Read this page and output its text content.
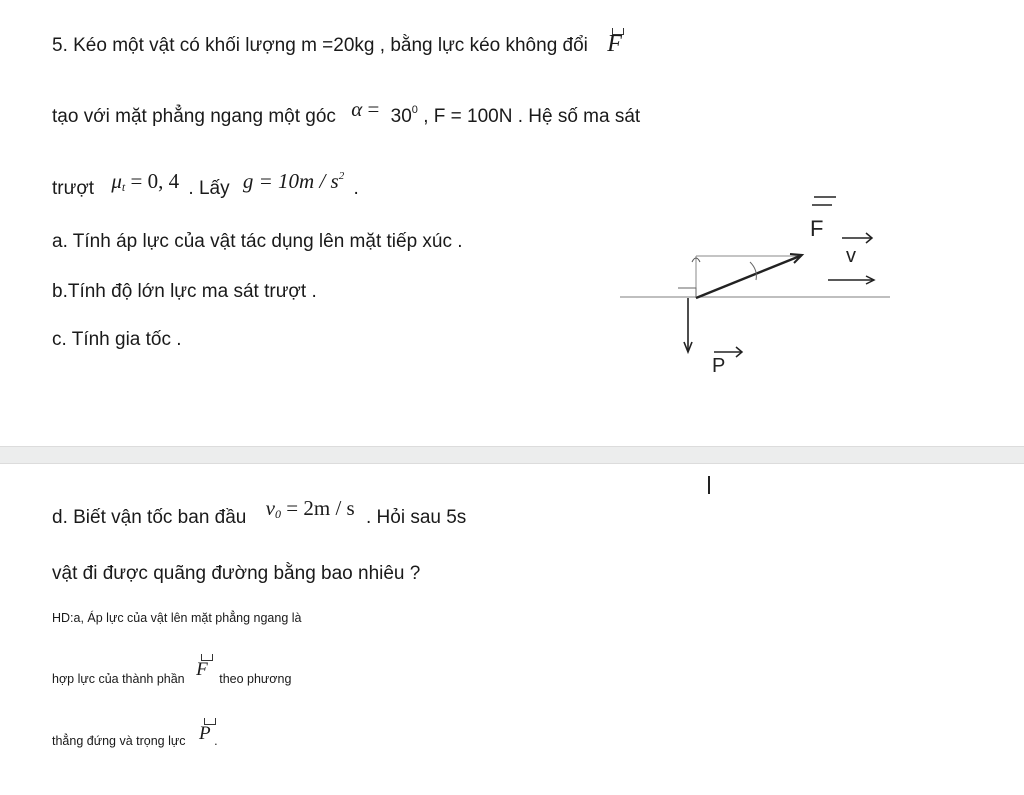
5. Kéo một vật có khối lượng m =20kg , bằng lực kéo không đổi F
tạo với mặt phẳng ngang một góc $\alpha = 30^0$ , F = 100N . Hệ số ma sát
trượt $\mu_t = 0$, 4 . Lấy $g = 10m / s^2$ .
a. Tính áp lực của vật tác dụng lên mặt tiếp xúc .
b.Tính độ lớn lực ma sát trượt .
c. Tính gia tốc .
F
v
P
d. Biết vận tốc ban đầu $v_0 = 2m / s$ . Hỏi sau 5s
vật đi được quãng đường bằng bao nhiêu ?
HD:a, Áp lực của vật lên mặt phẳng ngang là
hợp lực của thành phần F theo phương
thẳng đứng và trọng lực P .
